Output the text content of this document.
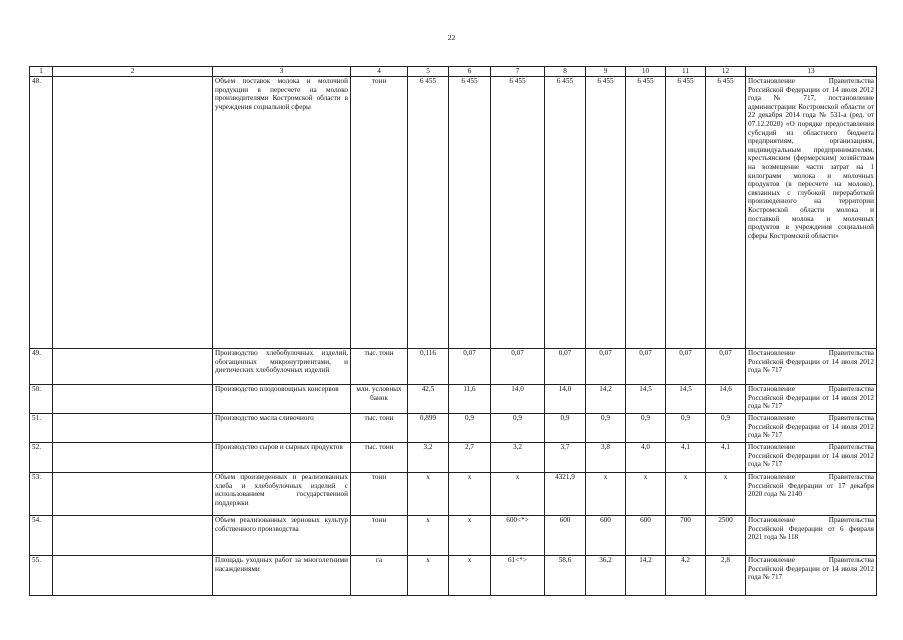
22
1	2	3	4	5	6	7	8	9	10	11	12	13
48.		Объем поставок молока и молочной продукции в пересчете на молоко производителями Костромской области в учреждения социальной сферы	тонн	6 455	6 455	6 455	6 455	6 455	6 455	6 455	6 455	Постановление Правительства Российской Федерации от 14 июля 2012 года № 717, постановление администрации Костромской области от 22 декабря 2014 года № 531-а (ред. от 07.12.2020) «О порядке предоставления субсидий из областного бюджета предприятиям, организациям, индивидуальным предпринимателям, крестьянским (фермерским) хозяйствам на возмещение части затрат на 1 килограмм молока и молочных продуктов (в пересчете на молоко), связанных с глубокой переработкой произведенного на территории Костромской области молока и поставкой молока и молочных продуктов в учреждения социальной сферы Костромской области»
49.		Производство хлебобулочных изделий, обогащенных микронутриентами, и диетических хлебобулочных изделий	тыс. тонн	0,116	0,07	0,07	0,07	0,07	0,07	0,07	0,07	Постановление Правительства Российской Федерации от 14 июля 2012 года № 717
50.		Производство плодоовощных консервов	млн. условных банок	42,5	11,6	14,0	14,0	14,2	14,5	14,5	14,6	Постановление Правительства Российской Федерации от 14 июля 2012 года № 717
51.		Производство масла сливочного	тыс. тонн	0,899	0,9	0,9	0,9	0,9	0,9	0,9	0,9	Постановление Правительства Российской Федерации от 14 июля 2012 года № 717
52.		Производство сыров и сырных продуктов	тыс. тонн	3,2	2,7	3,2	3,7	3,8	4,0	4,1	4,1	Постановление Правительства Российской Федерации от 14 июля 2012 года № 717
53.		Объем произведенных и реализованных хлеба и хлебобулочных изделий с использованием государственной поддержки	тонн	x	x	x	4321,9	x	x	x	x	Постановление Правительства Российской Федерации от 17 декабря 2020 года № 2140
54.		Объем реализованных зерновых культур собственного производства	тонн	x	x	600<*>	600	600	600	700	2500	Постановление Правительства Российской Федерации от 6 февраля 2021 года № 118
55.		Площадь уходных работ за многолетними насаждениями	га	x	x	61<*>	58,6	36,2	14,2	4,2	2,8	Постановление Правительства Российской Федерации от 14 июля 2012 года № 717
